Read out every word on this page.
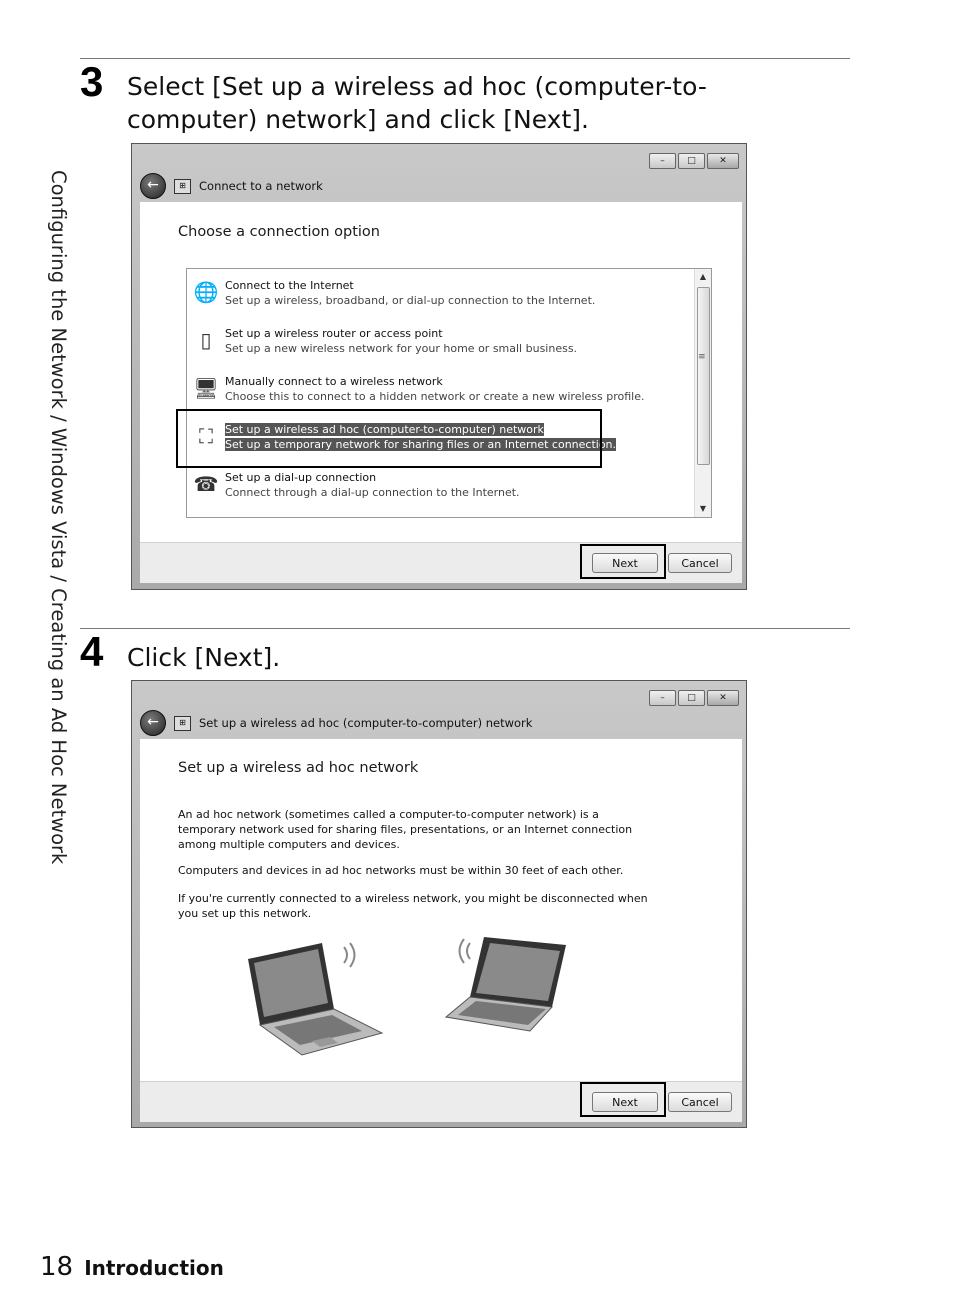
Configuring the Network / Windows Vista / Creating an Ad Hoc Network
3 Select [Set up a wireless ad hoc (computer-to-computer) network] and click [Next].
–	□	✕
←	⊞	Connect to a network
Choose a connection option
🌐 Connect to the Internet
Set up a wireless, broadband, or dial-up connection to the Internet.
▯	Set up a wireless router or access point
Set up a new wireless network for your home or small business.
🖥 Manually connect to a wireless network
Choose this to connect to a hidden network or create a new wireless profile.
⛶	Set up a wireless ad hoc (computer-to-computer) network
Set up a temporary network for sharing files or an Internet connection.
☎ Set up a dial-up connection
Connect through a dial-up connection to the Internet.
▲
≡
▼
Next	Cancel
4 Click [Next].
–	□	✕
←	⊞	Set up a wireless ad hoc (computer-to-computer) network
Set up a wireless ad hoc network
An ad hoc network (sometimes called a computer-to-computer network) is a temporary network used for sharing files, presentations, or an Internet connection among multiple computers and devices.
Computers and devices in ad hoc networks must be within 30 feet of each other.
If you're currently connected to a wireless network, you might be disconnected when you set up this network.
Next	Cancel
18 Introduction
